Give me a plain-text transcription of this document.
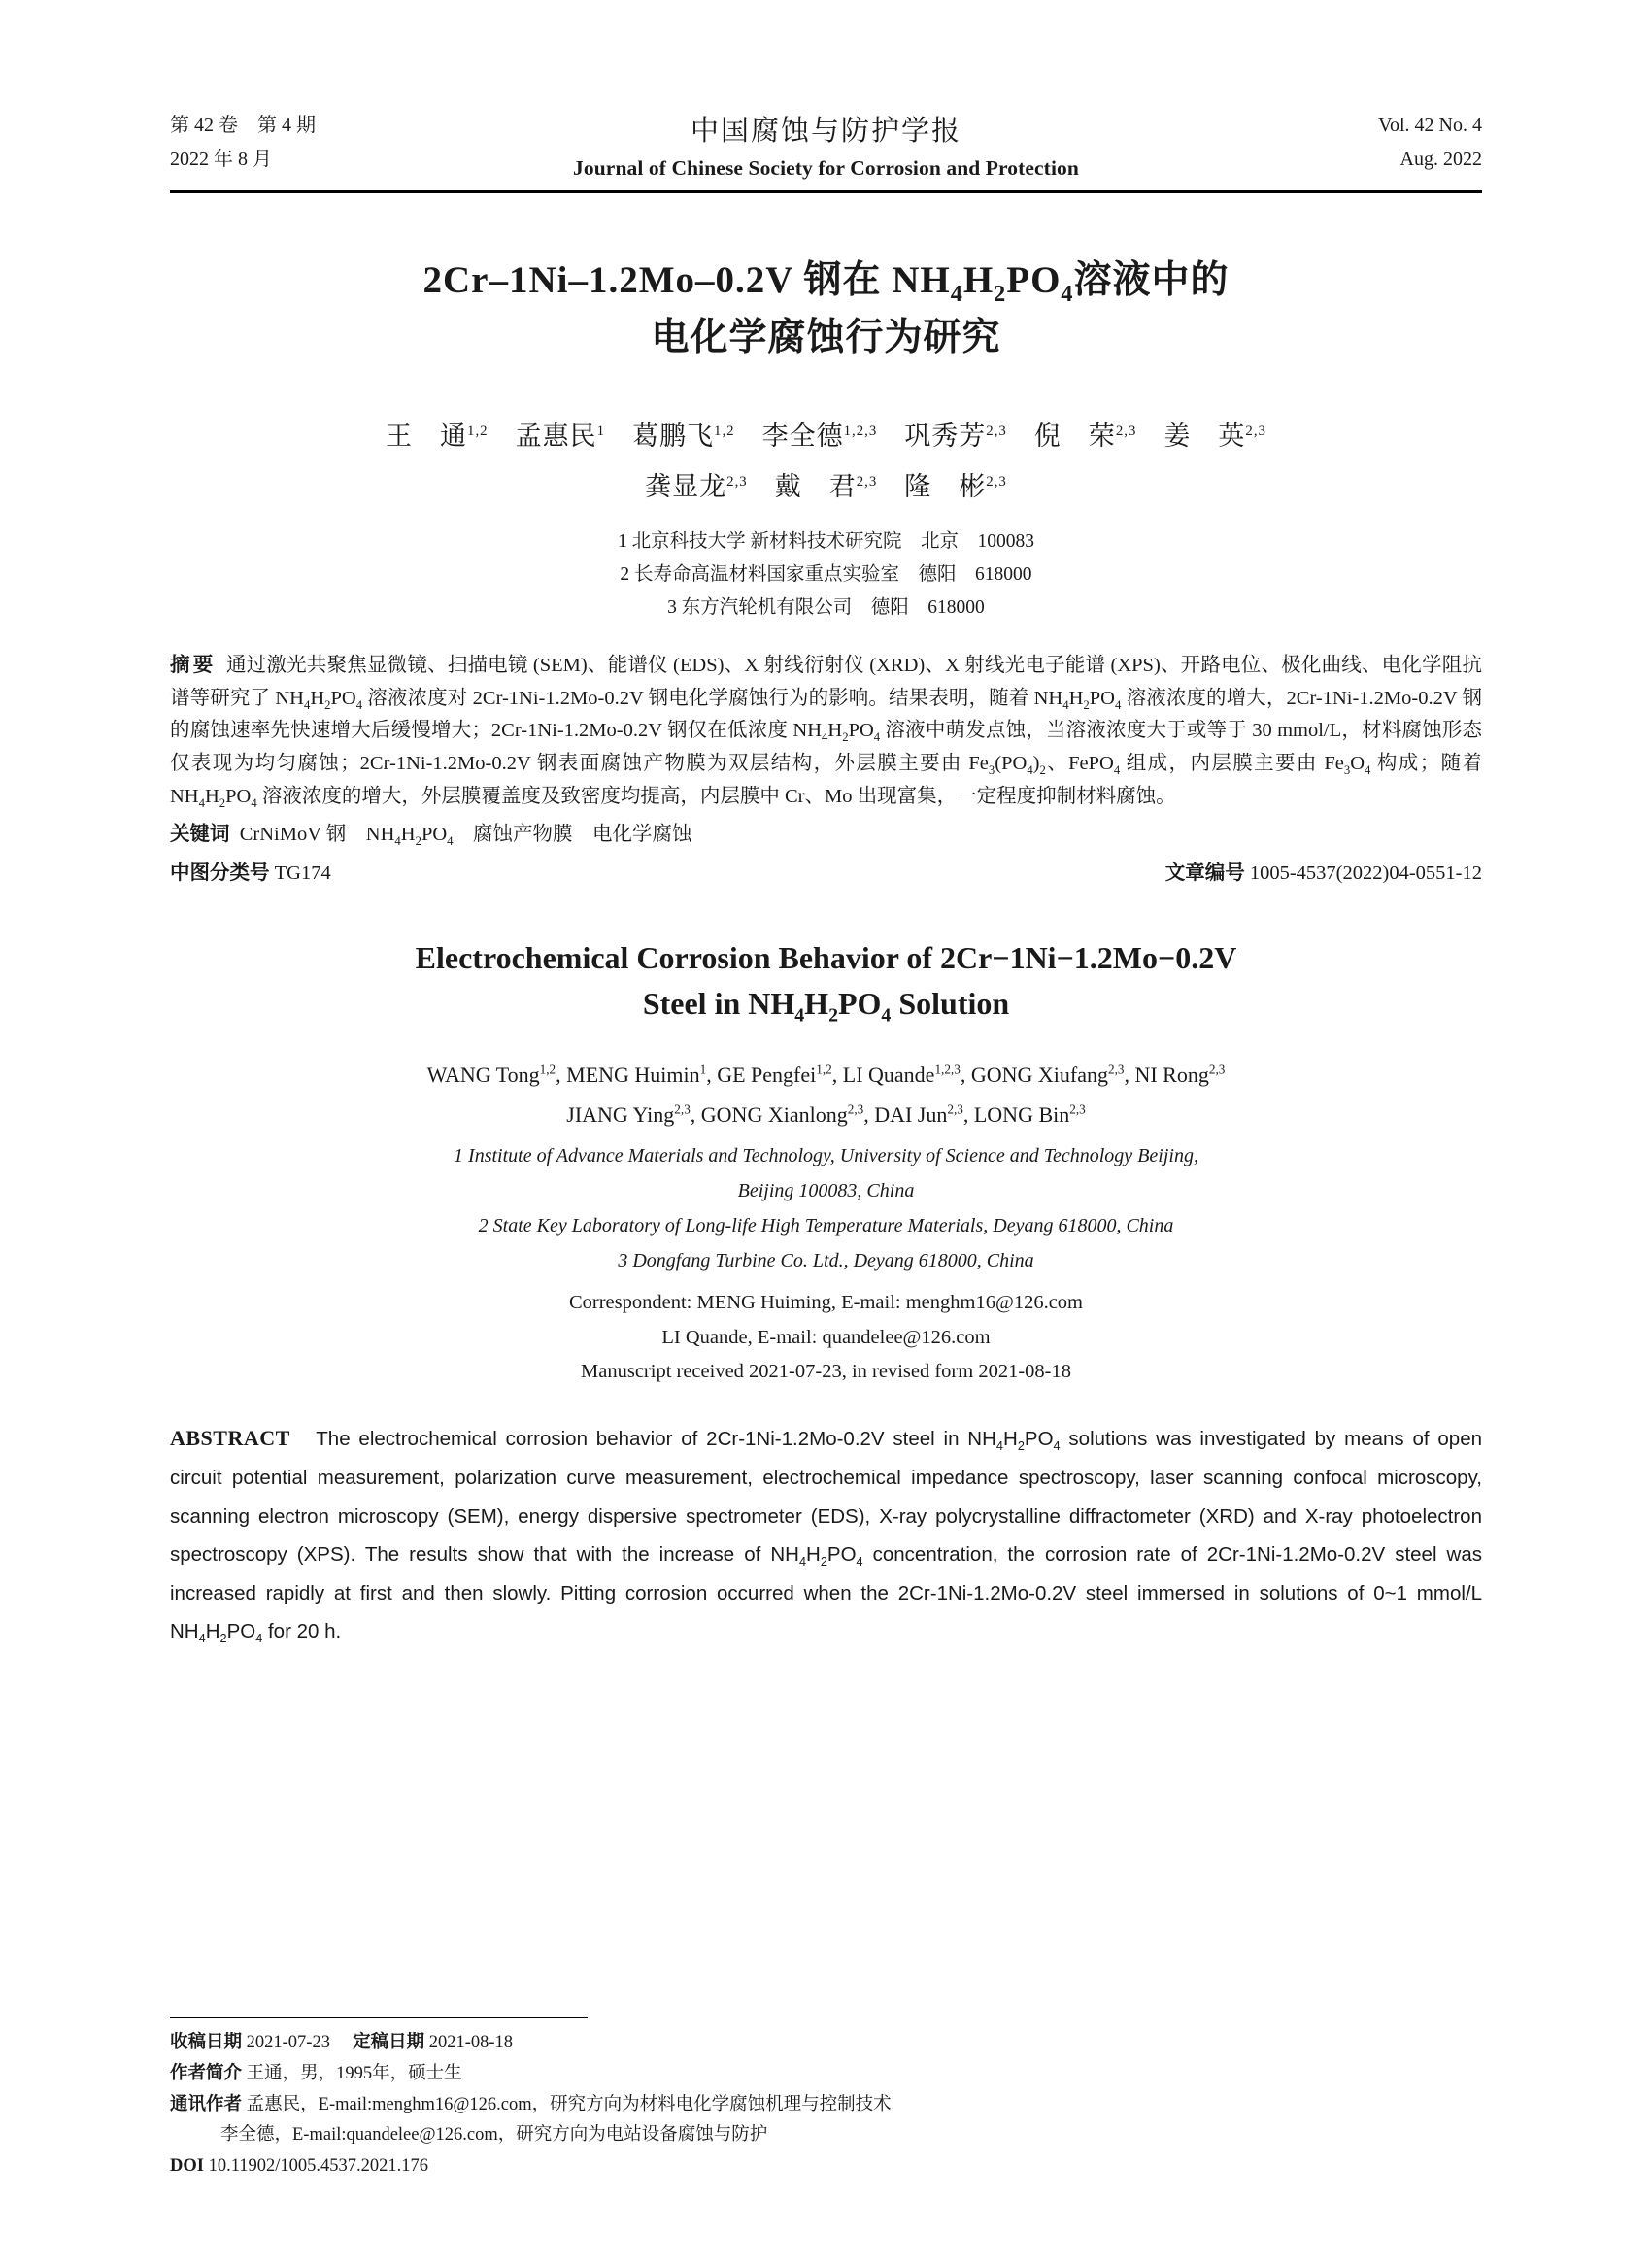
第 42 卷　第 4 期
2022 年 8 月
中国腐蚀与防护学报
Journal of Chinese Society for Corrosion and Protection
Vol. 42 No. 4
Aug. 2022
2Cr–1Ni–1.2Mo–0.2V 钢在 $NH_4H_2PO_4$溶液中的
电化学腐蚀行为研究
王　通$^{1,2}$  孟惠民$^1$  葛鹏飞$^{1,2}$  李全德$^{1,2,3}$  巩秀芳$^{2,3}$  倪　荣$^{2,3}$  姜　英$^{2,3}$
龚显龙$^{2,3}$  戴　君$^{2,3}$  隆　彬$^{2,3}$
1 北京科技大学 新材料技术研究院　北京　100083
2 长寿命高温材料国家重点实验室　德阳　618000
3 东方汽轮机有限公司　德阳　618000
摘要  通过激光共聚焦显微镜、扫描电镜 (SEM)、能谱仪 (EDS)、X 射线衍射仪 (XRD)、X 射线光电子能谱 (XPS)、开路电位、极化曲线、电化学阻抗谱等研究了 $NH_4H_2PO_4$ 溶液浓度对 2Cr-1Ni-1.2Mo-0.2V 钢电化学腐蚀行为的影响。结果表明，随着 $NH_4H_2PO_4$ 溶液浓度的增大，2Cr-1Ni-1.2Mo-0.2V 钢的腐蚀速率先快速增大后缓慢增大；2Cr-1Ni-1.2Mo-0.2V 钢仅在低浓度 $NH_4H_2PO_4$ 溶液中萌发点蚀，当溶液浓度大于或等于 30 mmol/L，材料腐蚀形态仅表现为均匀腐蚀；2Cr-1Ni-1.2Mo-0.2V 钢表面腐蚀产物膜为双层结构，外层膜主要由 $Fe_3(PO_4)_2$、FePO$_4$ 组成，内层膜主要由 $Fe_3O_4$ 构成；随着 $NH_4H_2PO_4$ 溶液浓度的增大，外层膜覆盖度及致密度均提高，内层膜中 Cr、Mo 出现富集，一定程度抑制材料腐蚀。
关键词  CrNiMoV 钢　$NH_4H_2PO_4$　腐蚀产物膜　电化学腐蚀
中图分类号 TG174	文章编号 1005-4537(2022)04-0551-12
Electrochemical Corrosion Behavior of 2Cr−1Ni−1.2Mo−0.2V
Steel in $NH_4H_2PO_4$ Solution
WANG Tong$^{1,2}$, MENG Huimin$^1$, GE Pengfei$^{1,2}$, LI Quande$^{1,2,3}$, GONG Xiufang$^{2,3}$, NI Rong$^{2,3}$
JIANG Ying$^{2,3}$, GONG Xianlong$^{2,3}$, DAI Jun$^{2,3}$, LONG Bin$^{2,3}$
1 Institute of Advance Materials and Technology, University of Science and Technology Beijing,
Beijing 100083, China
2 State Key Laboratory of Long-life High Temperature Materials, Deyang 618000, China
3 Dongfang Turbine Co. Ltd., Deyang 618000, China
Correspondent: MENG Huiming, E-mail: menghm16@126.com
LI Quande, E-mail: quandelee@126.com
Manuscript received 2021-07-23, in revised form 2021-08-18
ABSTRACT   The electrochemical corrosion behavior of 2Cr-1Ni-1.2Mo-0.2V steel in $NH_4H_2PO_4$ solutions was investigated by means of open circuit potential measurement, polarization curve measurement, electrochemical impedance spectroscopy, laser scanning confocal microscopy, scanning electron microscopy (SEM), energy dispersive spectrometer (EDS), X-ray polycrystalline diffractometer (XRD) and X-ray photoelectron spectroscopy (XPS). The results show that with the increase of $NH_4H_2PO_4$ concentration, the corrosion rate of 2Cr-1Ni-1.2Mo-0.2V steel was increased rapidly at first and then slowly. Pitting corrosion occurred when the 2Cr-1Ni-1.2Mo-0.2V steel immersed in solutions of 0~1 mmol/L $NH_4H_2PO_4$ for 20 h.
收稿日期 2021-07-23 定稿日期 2021-08-18
作者简介 王通，男，1995年，硕士生
通讯作者 孟惠民，E-mail:menghm16@126.com，研究方向为材料电化学腐蚀机理与控制技术
李全德，E-mail:quandelee@126.com，研究方向为电站设备腐蚀与防护
DOI 10.11902/1005.4537.2021.176
